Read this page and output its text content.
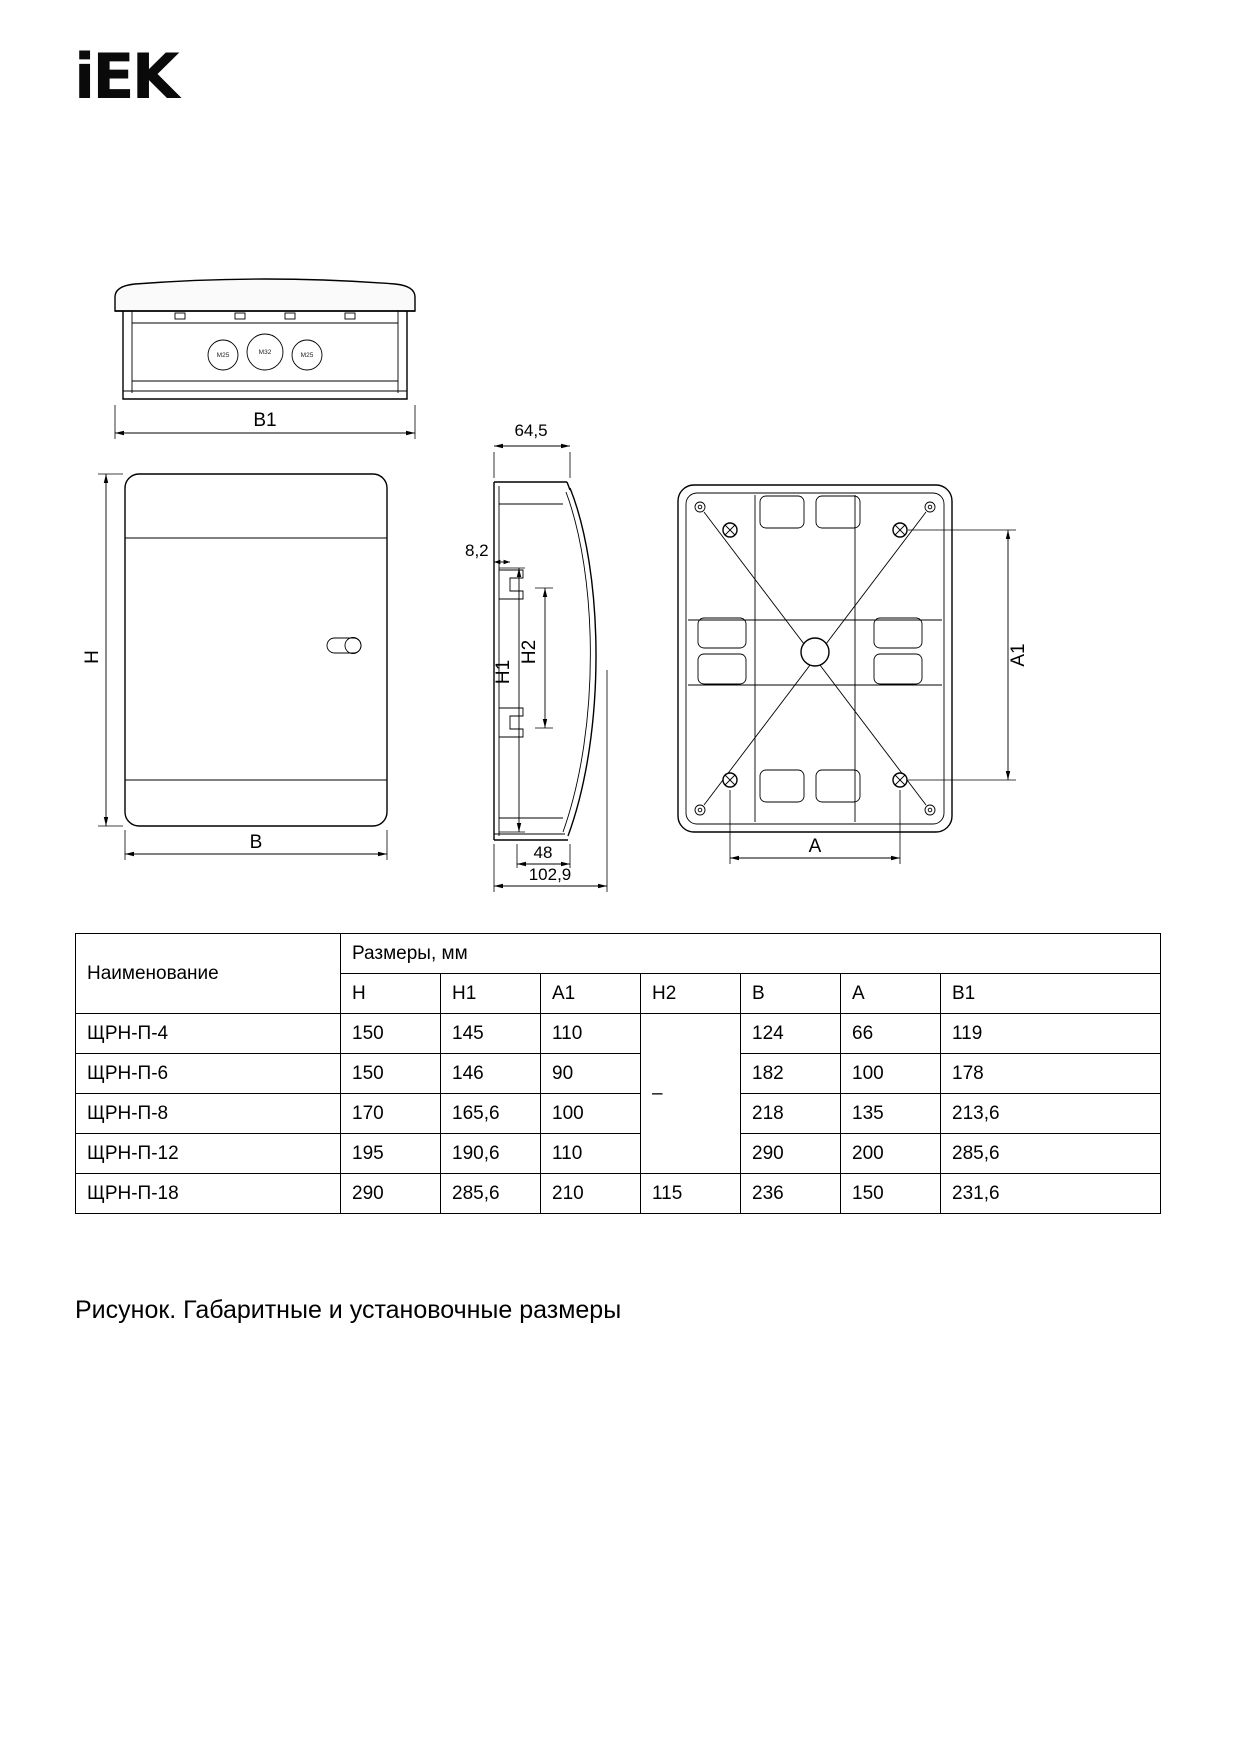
iEK
M25	M32	M25
B1
H
B
64,5
8,2
H1
H2
48
102,9
A1
A
Наименование	Размеры, мм						
	H	H1	A1	H2	B	A	B1
ЩРН-П-4	150	145	110	–	124	66	119
ЩРН-П-6	150	146	90		182	100	178
ЩРН-П-8	170	165,6	100		218	135	213,6
ЩРН-П-12	195	190,6	110		290	200	285,6
ЩРН-П-18	290	285,6	210	115	236	150	231,6
Рисунок. Габаритные и установочные размеры
